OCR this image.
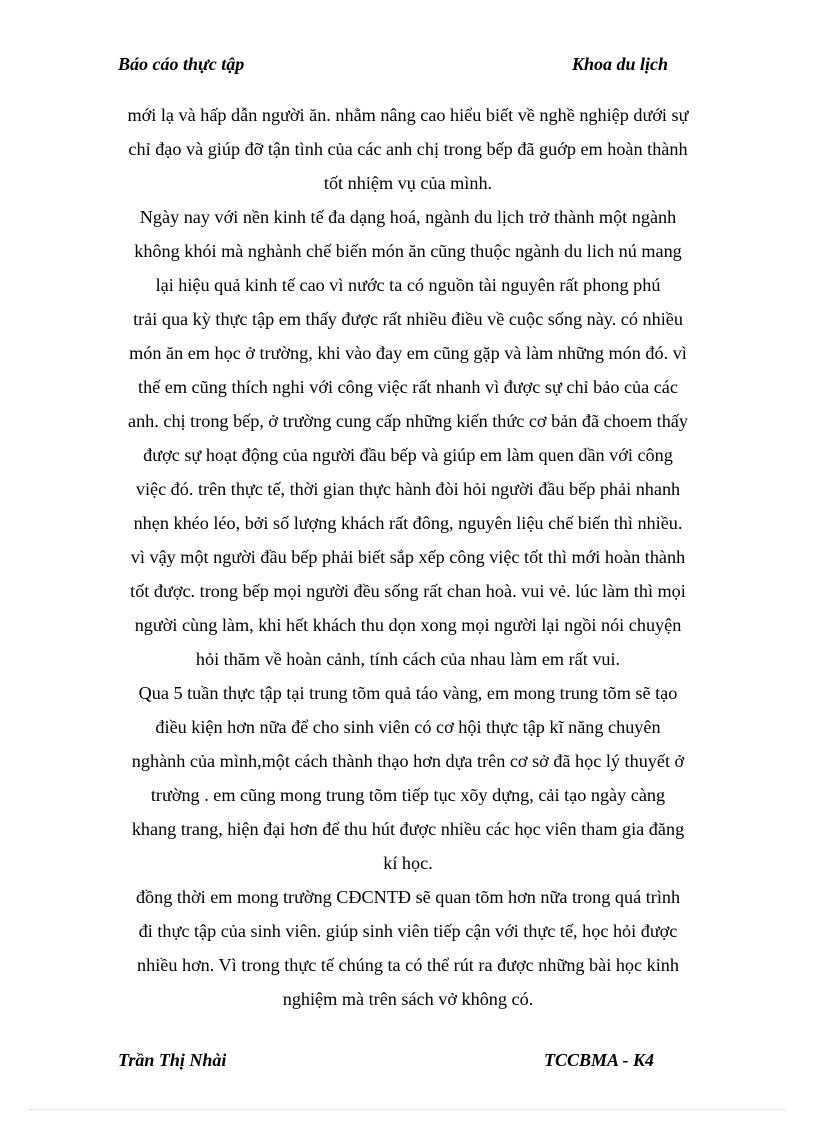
Báo cáo thực tập	Khoa du lịch
mới lạ và hấp dẫn người ăn. nhằm nâng cao hiểu biết về nghề nghiệp dưới sự
chỉ đạo và giúp đỡ tận tình của các anh chị trong bếp đã guớp em hoàn thành
tốt nhiệm vụ của mình.
Ngày nay với nền kinh tế đa dạng hoá, ngành du lịch trở thành một ngành
không khói mà nghành chế biến món ăn cũng thuộc ngành du lich nú mang
lại hiệu quả kinh tế cao vì nước ta có nguồn tài nguyên rất phong phú
trải qua kỳ thực tập em thấy được rất nhiều điều về cuộc sống này. có nhiều
món ăn em học ở trường, khi vào đay em cũng gặp và làm những món đó. vì
thế em cũng thích nghi với công việc rất nhanh vì được sự chỉ bảo của các
anh. chị trong bếp, ở trường cung cấp những kiến thức cơ bản đã choem thấy
được sự hoạt động của người đầu bếp và giúp em làm quen dần với công
việc đó. trên thực tế, thời gian thực hành đòi hỏi người đầu bếp phải nhanh
nhẹn khéo léo, bởi số lượng khách rất đông, nguyên liệu chế biến thì nhiều.
vì vậy một người đầu bếp phải biết sắp xếp công việc tốt thì mới hoàn thành
tốt được. trong bếp mọi người đều sống rất chan hoà. vui vẻ. lúc làm thì mọi
người cùng làm, khi hết khách thu dọn xong mọi người lại ngồi nói chuyện
hỏi thăm về hoàn cảnh, tính cách của nhau làm em rất vui.
Qua 5 tuần thực tập tại trung tõm quả táo vàng, em mong trung tõm sẽ tạo
điều kiện hơn nữa để cho sinh viên có cơ hội thực tập kĩ năng chuyên
nghành của mình,một cách thành thạo hơn dựa trên cơ sở đã học lý thuyết ở
trường . em cũng mong trung tõm tiếp tục xõy dựng, cải tạo ngày càng
khang trang, hiện đại hơn để thu hút được nhiều các học viên tham gia đăng
kí học.
đồng thời em mong trường CĐCNTĐ sẽ quan tõm hơn nữa trong quá trình
đi thực tập của sinh viên. giúp sinh viên tiếp cận với thực tế, học hỏi được
nhiều hơn. Vì trong thực tế chúng ta có thể rút ra được những bài học kinh
nghiệm mà trên sách vở không có.
Trần Thị Nhài	TCCBMA - K4
